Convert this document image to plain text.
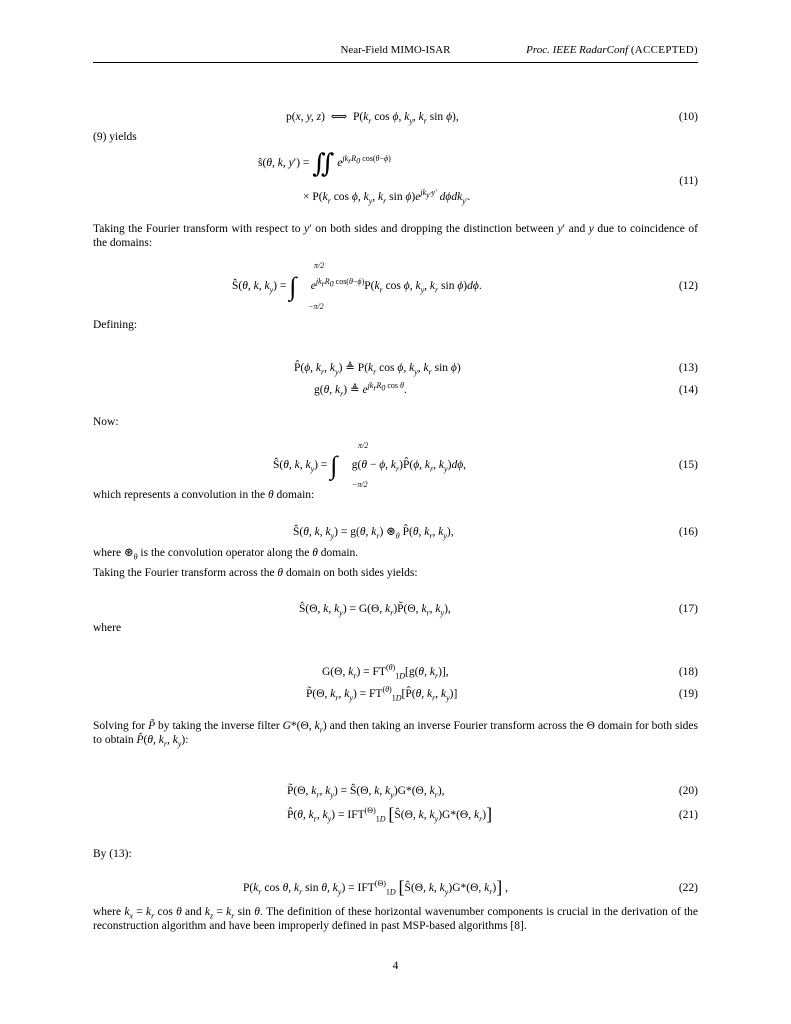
Near-Field MIMO-ISAR	Proc. IEEE RadarConf (ACCEPTED)
p(x, y, z)  ⟺  $P(k_r$ cos ϕ, $k_y$, $k_r$ sin ϕ),	(10)
(9) yields
ŝ(θ, k, y′) = ∬ $e^{jk_rR_0}$ $^{cos(\theta-\phi)}$
× $P(k_r$ cos ϕ, $k_y$, $k_r$ $\sin \phi)e^{jk_{y'}y'}$ dϕdk$_{y'}$.
(11)
Taking the Fourier transform with respect to y′ on both sides and dropping the distinction between y′ and y due to coincidence of the domains:
Ŝ(θ, k, $k_y$) = ∫ $e^{jk_rR_0}$ $^{cos(\theta-\phi)}P(k_r$ cos ϕ, $k_y$, $k_r$ sin ϕ)dϕ.
π/2
−π/2
(12)
Defining:
P̂(ϕ, $k_r$, $k_y$) ≜ $P(k_r$ cos ϕ, $k_y$, $k_r$ sin ϕ)	(13)
g(θ, $k_r$) ≜ $e^{jk_rR_0}$ $^{cos \theta}$.	(14)
Now:
Ŝ(θ, k, $k_y$) = ∫     g(θ − ϕ, $k_r)P̂(\phi$, $k_r$, $k_y)d\phi$,
π/2
−π/2
(15)
which represents a convolution in the θ domain:
Ŝ(θ, k, $k_y) = g(\theta$, $k_r$) $⊛_\theta$ P̂(θ, $k_r$, $k_y$),	(16)
where $⊛_\theta$ is the convolution operator along the θ domain.
Taking the Fourier transform across the θ domain on both sides yields:
Ŝ(Θ, k, $k_y) = G(\Theta$, $k_r)P̃(\Theta$, $k_r$, $k_y$),	(17)
where
G(Θ, $k_r) = FT^{(\theta)}_{1D}[g(\theta$, $k_r$)],	(18)
P̃(Θ, $k_r$, $k_y$) = $FT^{(\theta)}_{1D}[P̂(\theta$, $k_r$, $k_y$)]	(19)
Solving for P̃ by taking the inverse filter G*(Θ, $k_r$) and then taking an inverse Fourier transform across the Θ domain for both sides to obtain P̂(θ, $k_r$, $k_y$):
P̃(Θ, $k_r$, $k_y$) = Ŝ(Θ, k, $k_y)G*(\Theta$, $k_r$),	(20)
P̂(θ, $k_r$, $k_y) = IFT^{(\Theta)}_{1D}$ [Ŝ(Θ, k, $k_y)G*(\Theta$, $k_r$)]	(21)
By (13):
$P(k_r$ cos θ, $k_r$ sin θ, $k_y) = IFT^{(\Theta)}_{1D}$ [Ŝ(Θ, k, $k_y)G*(\Theta$, $k_r$)] ,	(22)
where $k_x = k_r$ cos θ and $k_z = k_r$ sin θ. The definition of these horizontal wavenumber components is crucial in the derivation of the reconstruction algorithm and have been improperly defined in past MSP-based algorithms [8].
4
